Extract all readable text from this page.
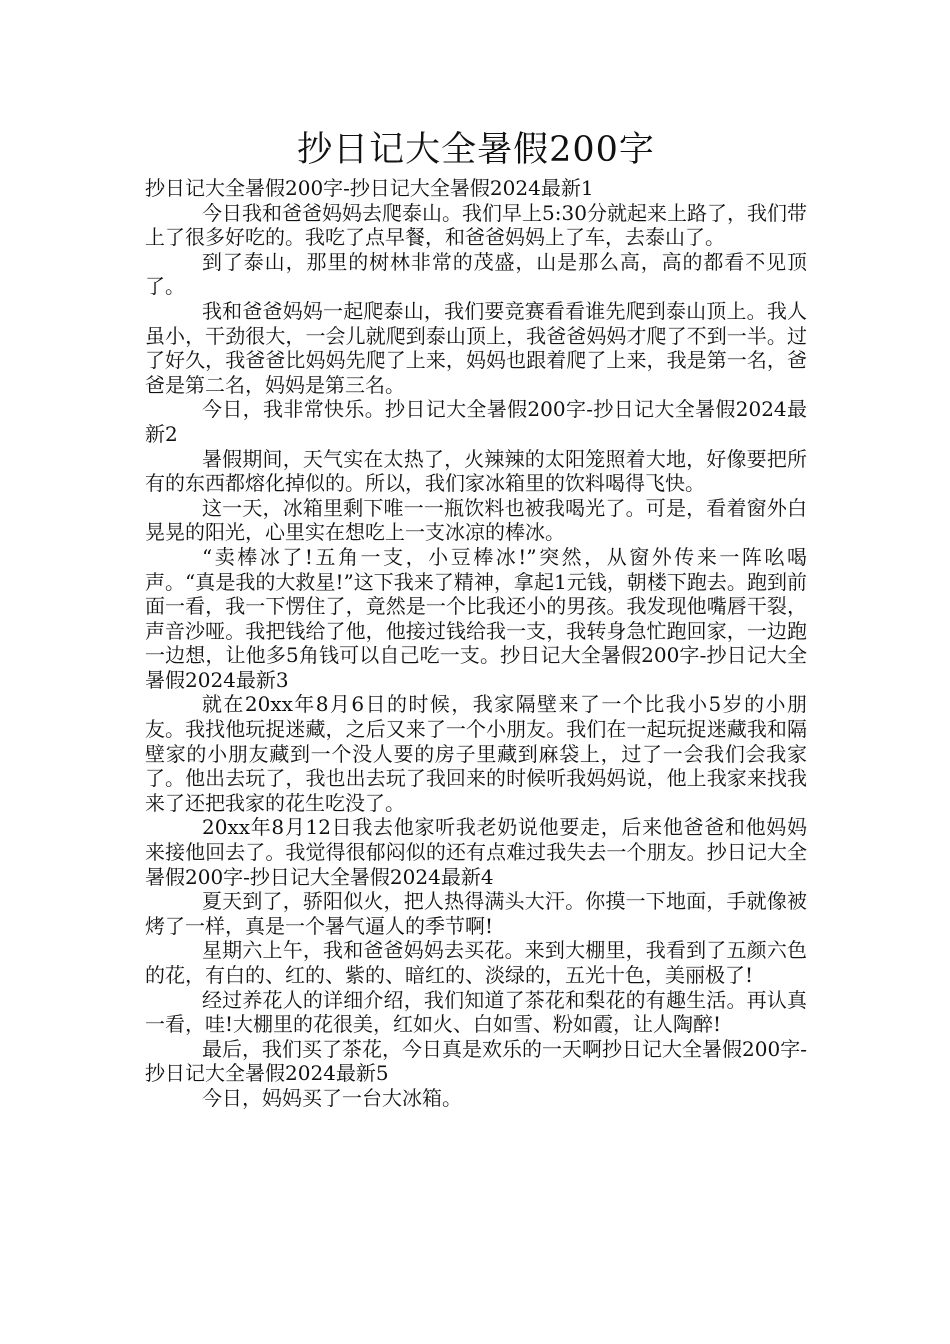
抄日记大全暑假200字

抄日记大全暑假200字-抄日记大全暑假2024最新1

今日我和爸爸妈妈去爬泰山。我们早上5:30分就起来上路了，我们带上了很多好吃的。我吃了点早餐，和爸爸妈妈上了车，去泰山了。

到了泰山，那里的树林非常的茂盛，山是那么高，高的都看不见顶了。

我和爸爸妈妈一起爬泰山，我们要竞赛看看谁先爬到泰山顶上。我人虽小，干劲很大，一会儿就爬到泰山顶上，我爸爸妈妈才爬了不到一半。过了好久，我爸爸比妈妈先爬了上来，妈妈也跟着爬了上来，我是第一名，爸爸是第二名，妈妈是第三名。

今日，我非常快乐。抄日记大全暑假200字-抄日记大全暑假2024最新2

暑假期间，天气实在太热了，火辣辣的太阳笼照着大地，好像要把所有的东西都熔化掉似的。所以，我们家冰箱里的饮料喝得飞快。

这一天，冰箱里剩下唯一一瓶饮料也被我喝光了。可是，看着窗外白晃晃的阳光，心里实在想吃上一支冰凉的棒冰。

“卖棒冰了!五角一支，小豆棒冰!”突然，从窗外传来一阵吆喝声。“真是我的大救星!”这下我来了精神，拿起1元钱，朝楼下跑去。跑到前面一看，我一下愣住了，竟然是一个比我还小的男孩。我发现他嘴唇干裂，声音沙哑。我把钱给了他，他接过钱给我一支，我转身急忙跑回家，一边跑一边想，让他多5角钱可以自己吃一支。抄日记大全暑假200字-抄日记大全暑假2024最新3

就在20xx年8月6日的时候，我家隔壁来了一个比我小5岁的小朋友。我找他玩捉迷藏，之后又来了一个小朋友。我们在一起玩捉迷藏我和隔壁家的小朋友藏到一个没人要的房子里藏到麻袋上，过了一会我们会我家了。他出去玩了，我也出去玩了我回来的时候听我妈妈说，他上我家来找我来了还把我家的花生吃没了。

20xx年8月12日我去他家听我老奶说他要走，后来他爸爸和他妈妈来接他回去了。我觉得很郁闷似的还有点难过我失去一个朋友。抄日记大全暑假200字-抄日记大全暑假2024最新4

夏天到了，骄阳似火，把人热得满头大汗。你摸一下地面，手就像被烤了一样，真是一个暑气逼人的季节啊!

星期六上午，我和爸爸妈妈去买花。来到大棚里，我看到了五颜六色的花，有白的、红的、紫的、暗红的、淡绿的，五光十色，美丽极了!

经过养花人的详细介绍，我们知道了茶花和梨花的有趣生活。再认真一看，哇!大棚里的花很美，红如火、白如雪、粉如霞，让人陶醉!

最后，我们买了茶花，今日真是欢乐的一天啊抄日记大全暑假200字-抄日记大全暑假2024最新5

今日，妈妈买了一台大冰箱。
